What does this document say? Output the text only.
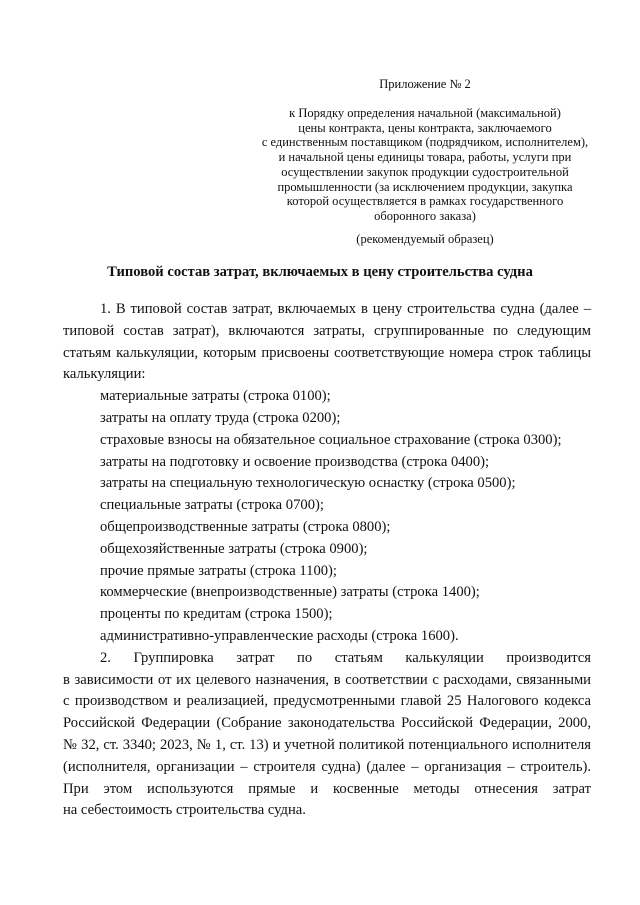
Приложение № 2
к Порядку определения начальной (максимальной)
цены контракта, цены контракта, заключаемого
с единственным поставщиком (подрядчиком, исполнителем),
и начальной цены единицы товара, работы, услуги при
осуществлении закупок продукции судостроительной
промышленности (за исключением продукции, закупка
которой осуществляется в рамках государственного
оборонного заказа)
(рекомендуемый образец)
Типовой состав затрат, включаемых в цену строительства судна
1. В типовой состав затрат, включаемых в цену строительства судна (далее –
типовой состав затрат), включаются затраты, сгруппированные по следующим
статьям калькуляции, которым присвоены соответствующие номера строк таблицы
калькуляции:
материальные затраты (строка 0100);
затраты на оплату труда (строка 0200);
страховые взносы на обязательное социальное страхование (строка 0300);
затраты на подготовку и освоение производства (строка 0400);
затраты на специальную технологическую оснастку (строка 0500);
специальные затраты (строка 0700);
общепроизводственные затраты (строка 0800);
общехозяйственные затраты (строка 0900);
прочие прямые затраты (строка 1100);
коммерческие (внепроизводственные) затраты (строка 1400);
проценты по кредитам (строка 1500);
административно-управленческие расходы (строка 1600).
2. Группировка затрат по статьям калькуляции производится
в зависимости от их целевого назначения, в соответствии с расходами, связанными
с производством и реализацией, предусмотренными главой 25 Налогового кодекса
Российской Федерации (Собрание законодательства Российской Федерации, 2000,
№ 32, ст. 3340; 2023, № 1, ст. 13) и учетной политикой потенциального исполнителя
(исполнителя, организации – строителя судна) (далее – организация – строитель).
При этом используются прямые и косвенные методы отнесения затрат
на себестоимость строительства судна.
